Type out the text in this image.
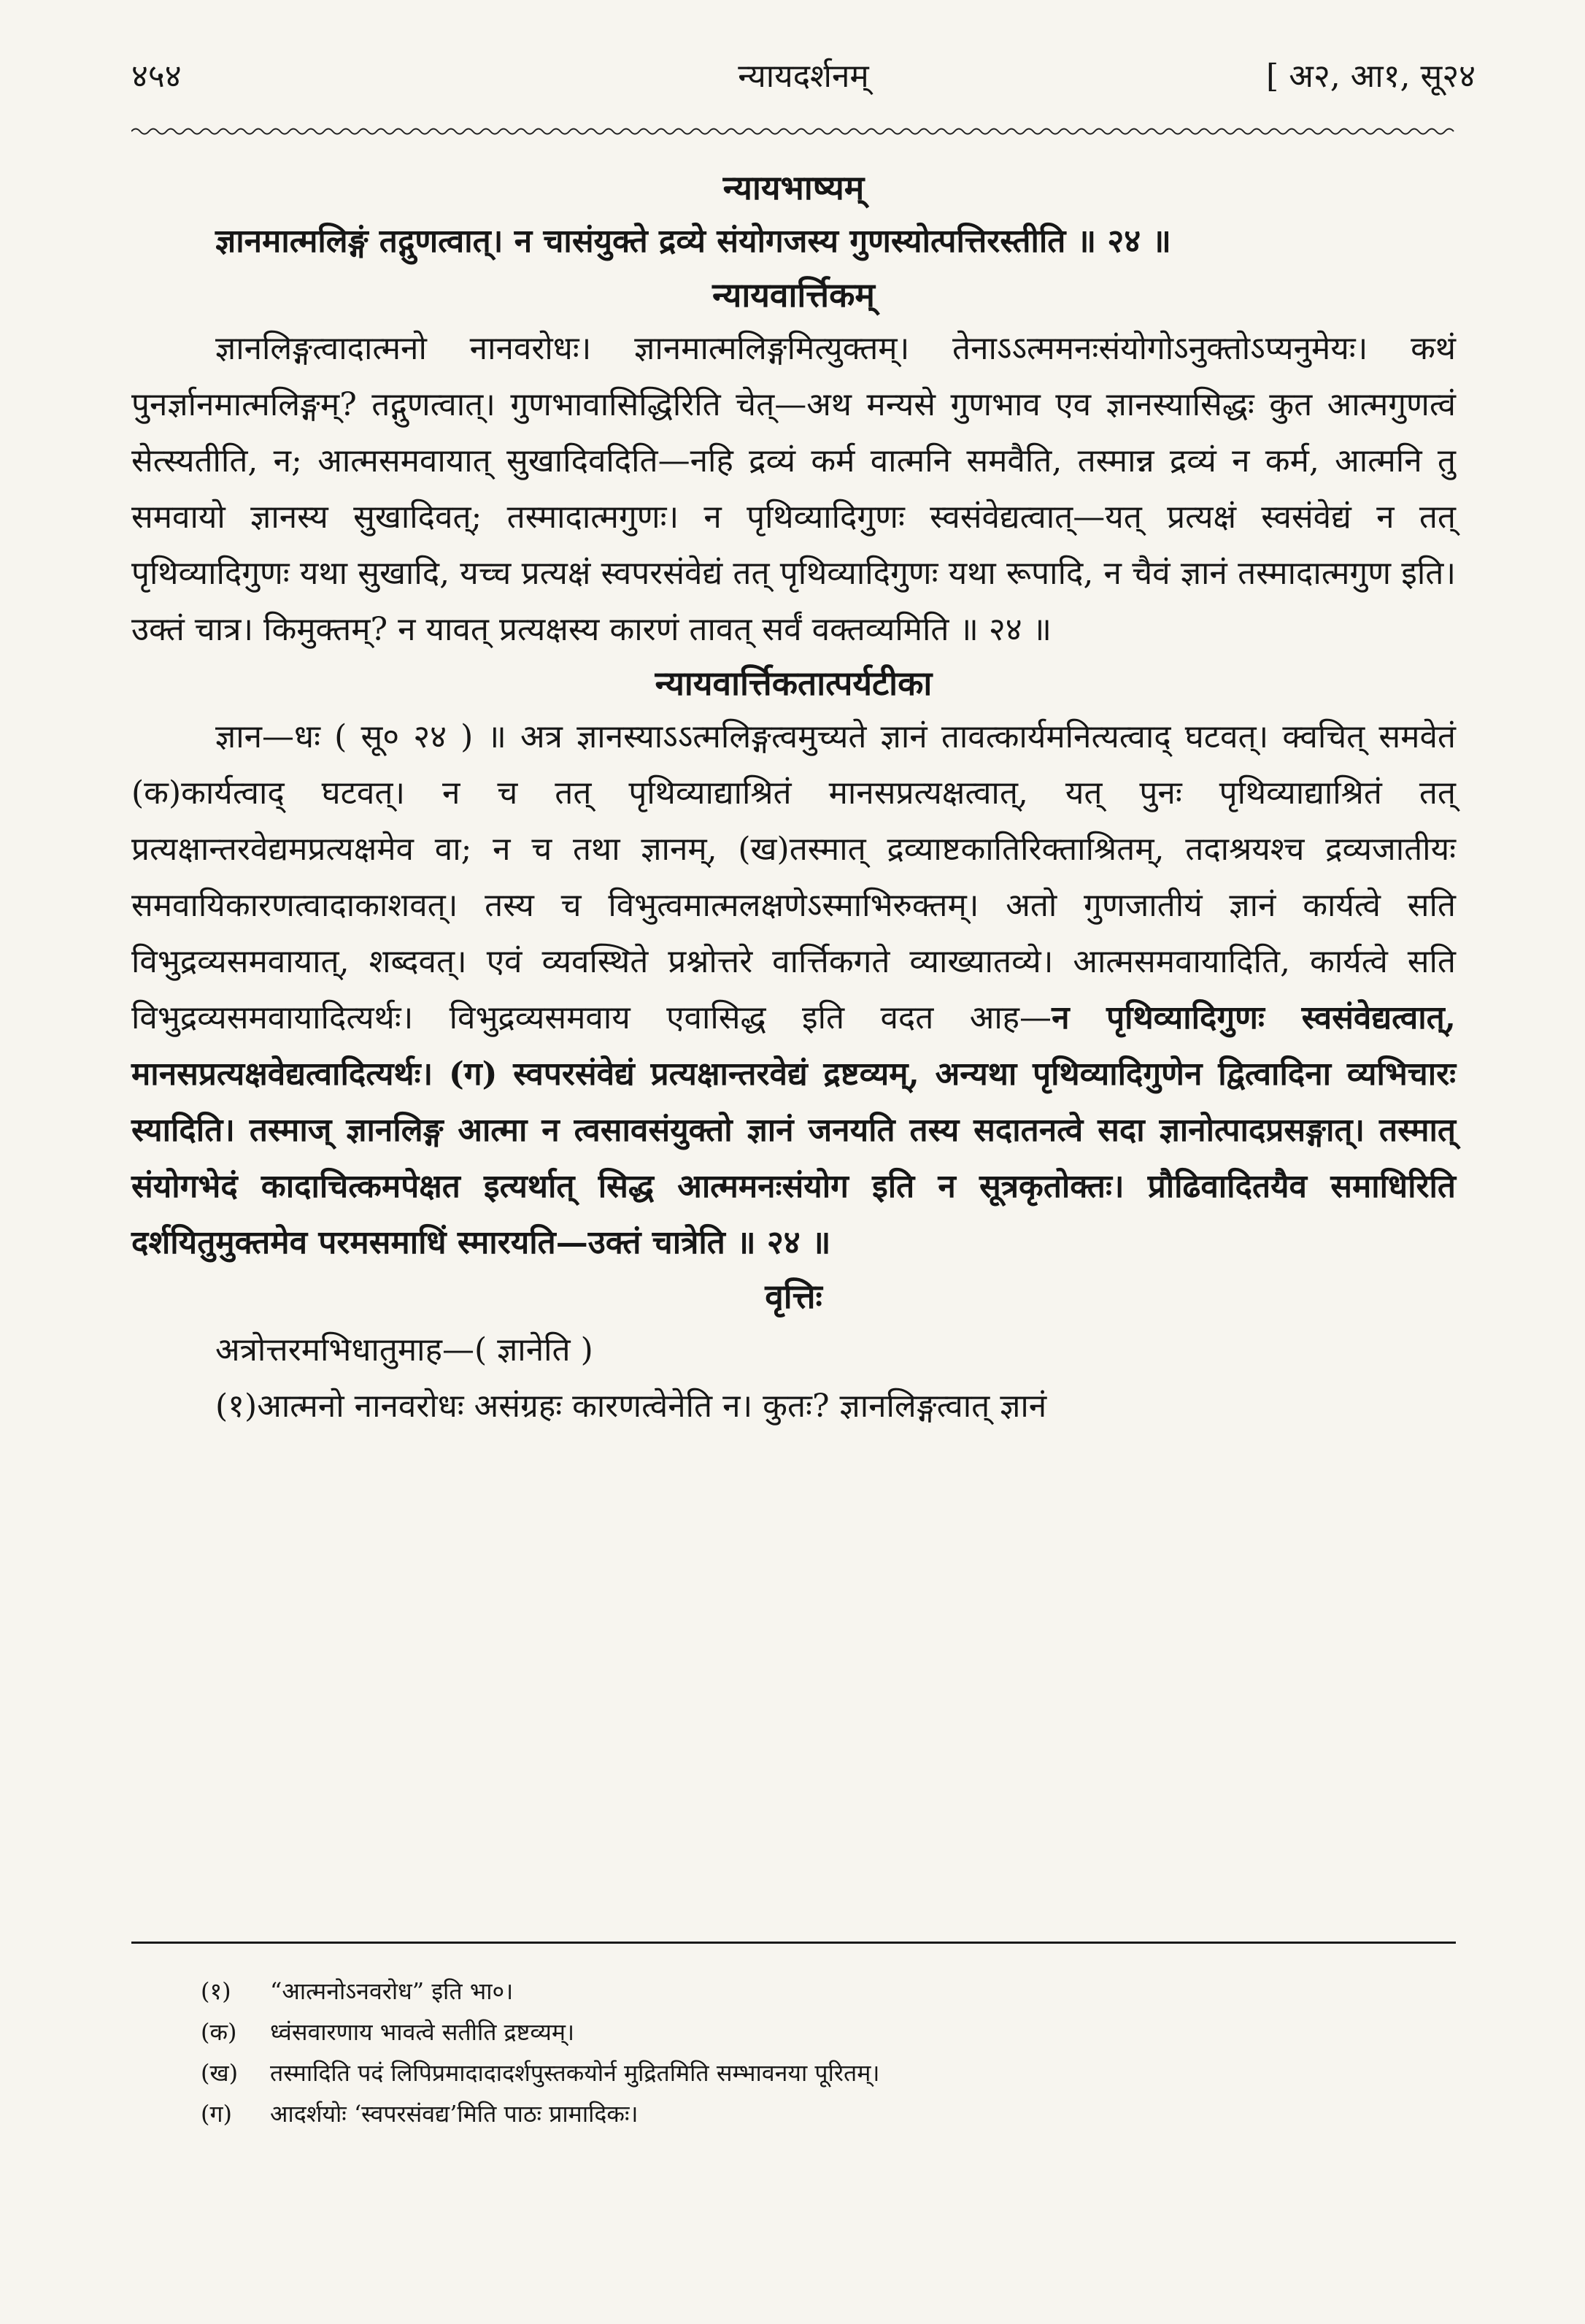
४५४	न्यायदर्शनम्	[ अ२, आ१, सू२४
न्यायभाष्यम्

ज्ञानमात्मलिङ्गं तद्गुणत्वात्। न चासंयुक्ते द्रव्ये संयोगजस्य गुणस्योत्पत्तिरस्तीति ॥ २४ ॥

न्यायवार्त्तिकम्

ज्ञानलिङ्गत्वादात्मनो नानवरोधः। ज्ञानमात्मलिङ्गमित्युक्तम्। तेनाऽऽत्ममनःसंयोगोऽनुक्तोऽप्यनुमेयः। कथं पुनर्ज्ञानमात्मलिङ्गम्? तद्गुणत्वात्। गुणभावासिद्धिरिति चेत्—अथ मन्यसे गुणभाव एव ज्ञानस्यासिद्धः कुत आत्मगुणत्वं सेत्स्यतीति, न; आत्मसमवायात् सुखादिवदिति—नहि द्रव्यं कर्म वात्मनि समवैति, तस्मान्न द्रव्यं न कर्म, आत्मनि तु समवायो ज्ञानस्य सुखादिवत्; तस्मादात्मगुणः। न पृथिव्यादिगुणः स्वसंवेद्यत्वात्—यत् प्रत्यक्षं स्वसंवेद्यं न तत् पृथिव्यादिगुणः यथा सुखादि, यच्च प्रत्यक्षं स्वपरसंवेद्यं तत् पृथिव्यादिगुणः यथा रूपादि, न चैवं ज्ञानं तस्मादात्मगुण इति। उक्तं चात्र। किमुक्तम्? न यावत् प्रत्यक्षस्य कारणं तावत् सर्वं वक्तव्यमिति ॥ २४ ॥

न्यायवार्त्तिकतात्पर्यटीका

ज्ञान—धः ( सू० २४ ) ॥ अत्र ज्ञानस्याऽऽत्मलिङ्गत्वमुच्यते ज्ञानं तावत्कार्यमनित्यत्वाद् घटवत्। क्वचित् समवेतं (क)कार्यत्वाद् घटवत्। न च तत् पृथिव्याद्याश्रितं मानसप्रत्यक्षत्वात्, यत् पुनः पृथिव्याद्याश्रितं तत् प्रत्यक्षान्तरवेद्यमप्रत्यक्षमेव वा; न च तथा ज्ञानम्, (ख)तस्मात् द्रव्याष्टकातिरिक्ताश्रितम्, तदाश्रयश्च द्रव्यजातीयः समवायिकारणत्वादाकाशवत्। तस्य च विभुत्वमात्मलक्षणेऽस्माभिरुक्तम्। अतो गुणजातीयं ज्ञानं कार्यत्वे सति विभुद्रव्यसमवायात्, शब्दवत्। एवं व्यवस्थिते प्रश्नोत्तरे वार्त्तिकगते व्याख्यातव्ये। आत्मसमवायादिति, कार्यत्वे सति विभुद्रव्यसमवायादित्यर्थः। विभुद्रव्यसमवाय एवासिद्ध इति वदत आह—न पृथिव्यादिगुणः स्वसंवेद्यत्वात्, मानसप्रत्यक्षवेद्यत्वादित्यर्थः। (ग) स्वपरसंवेद्यं प्रत्यक्षान्तरवेद्यं द्रष्टव्यम्, अन्यथा पृथिव्यादिगुणेन द्वित्वादिना व्यभिचारः स्यादिति। तस्माज् ज्ञानलिङ्ग आत्मा न त्वसावसंयुक्तो ज्ञानं जनयति तस्य सदातनत्वे सदा ज्ञानोत्पादप्रसङ्गात्। तस्मात् संयोगभेदं कादाचित्कमपेक्षत इत्यर्थात् सिद्ध आत्ममनःसंयोग इति न सूत्रकृतोक्तः। प्रौढिवादितयैव समाधिरिति दर्शयितुमुक्तमेव परमसमाधिं स्मारयति—उक्तं चात्रेति ॥ २४ ॥

वृत्तिः

अत्रोत्तरमभिधातुमाह—( ज्ञानेति )

(१)आत्मनो नानवरोधः असंग्रहः कारणत्वेनेति न। कुतः? ज्ञानलिङ्गत्वात् ज्ञानं

(१)	“आत्मनोऽनवरोध” इति भा०।

(क)	ध्वंसवारणाय भावत्वे सतीति द्रष्टव्यम्।

(ख)	तस्मादिति पदं लिपिप्रमादादादर्शपुस्तकयोर्न मुद्रितमिति सम्भावनया पूरितम्।

(ग)	आदर्शयोः ‘स्वपरसंवद्य’मिति पाठः प्रामादिकः।
